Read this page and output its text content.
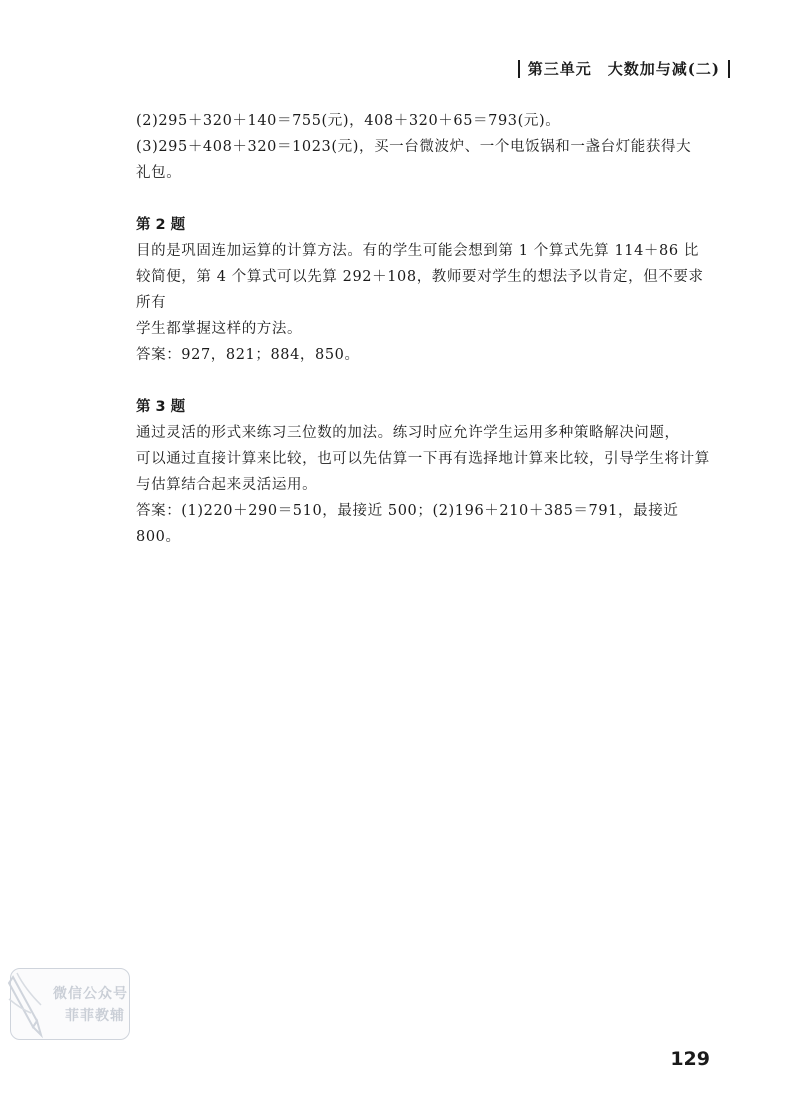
第三单元 大数加与减(二)

(2)295＋320＋140＝755(元)，408＋320＋65＝793(元)。

(3)295＋408＋320＝1023(元)，买一台微波炉、一个电饭锅和一盏台灯能获得大

礼包。

第 2 题

目的是巩固连加运算的计算方法。有的学生可能会想到第 1 个算式先算 114＋86 比

较简便，第 4 个算式可以先算 292＋108，教师要对学生的想法予以肯定，但不要求所有

学生都掌握这样的方法。

答案：927，821；884，850。

第 3 题

通过灵活的形式来练习三位数的加法。练习时应允许学生运用多种策略解决问题，

可以通过直接计算来比较，也可以先估算一下再有选择地计算来比较，引导学生将计算

与估算结合起来灵活运用。

答案：(1)220＋290＝510，最接近 500；(2)196＋210＋385＝791，最接近 800。

微信公众号
菲菲教辅
129
